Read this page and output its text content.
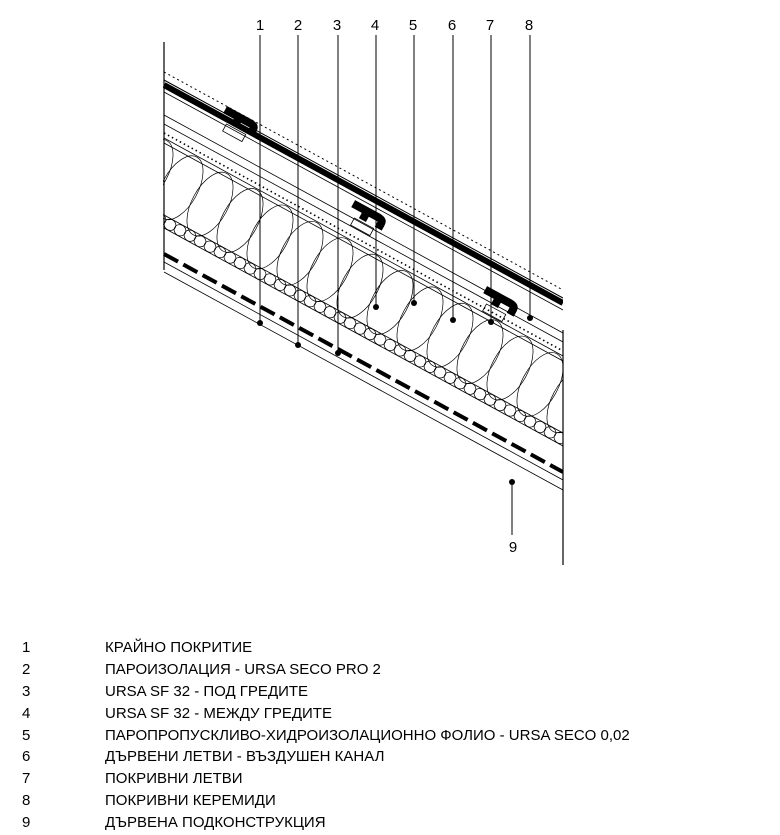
1 2 3 4 5 6 7 8
9
1	КРАЙНО ПОКРИТИЕ
2	ПАРОИЗОЛАЦИЯ - URSA SECO PRO 2
3	URSA SF 32 - ПОД ГРЕДИТЕ
4	URSA SF 32 - МЕЖДУ ГРЕДИТЕ
5	ПАРОПРОПУСКЛИВО-ХИДРОИЗОЛАЦИОННО ФОЛИО - URSA SECO 0,02
6	ДЪРВЕНИ ЛЕТВИ - ВЪЗДУШЕН КАНАЛ
7	ПОКРИВНИ ЛЕТВИ
8	ПОКРИВНИ КЕРЕМИДИ
9	ДЪРВЕНА ПОДКОНСТРУКЦИЯ
